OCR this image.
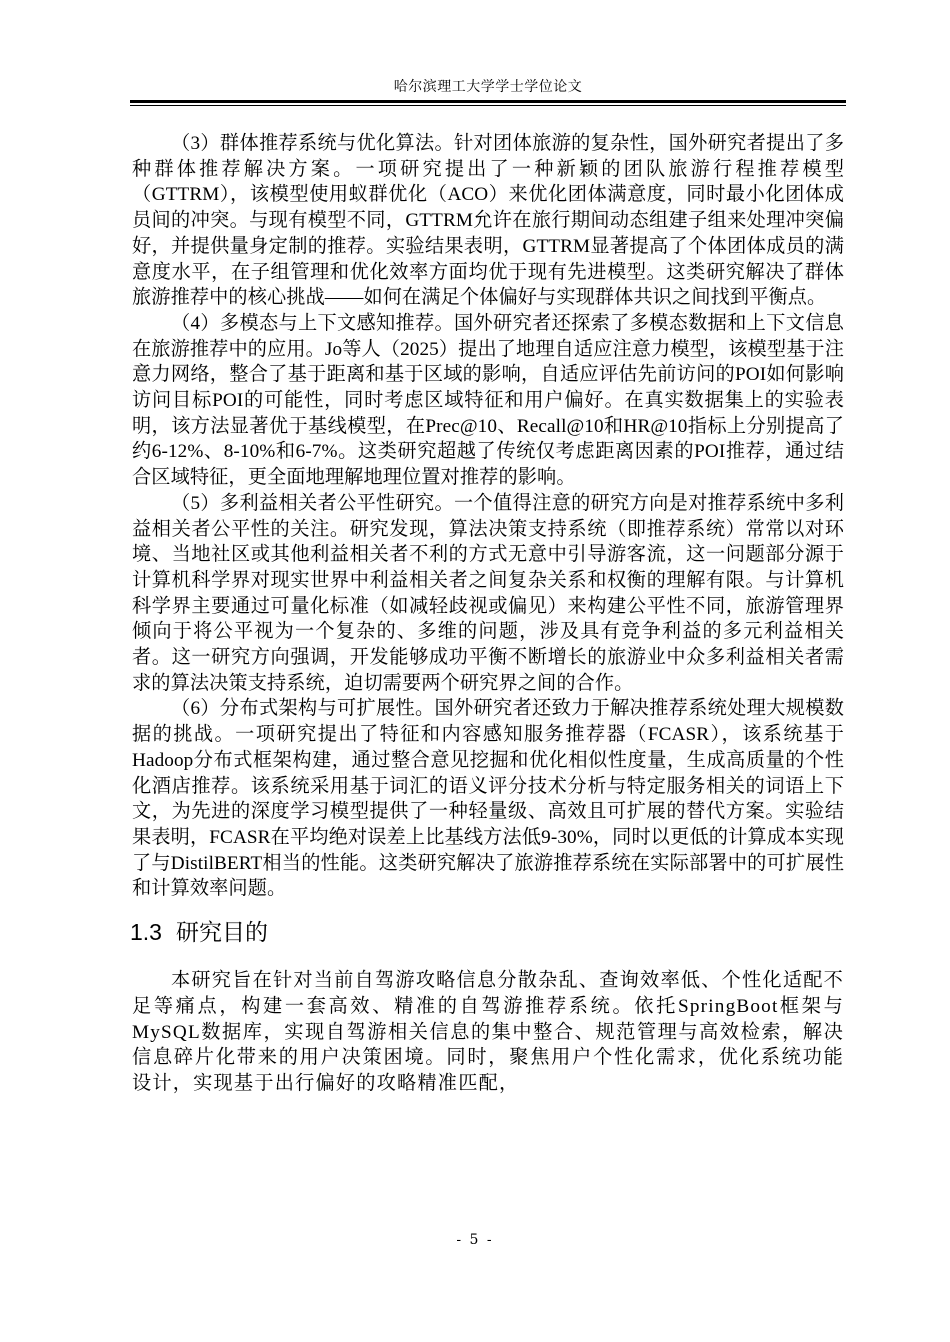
哈尔滨理工大学学士学位论文

（3）群体推荐系统与优化算法。针对团体旅游的复杂性，国外研究者提出了多种群体推荐解决方案。一项研究提出了一种新颖的团队旅游行程推荐模型（GTTRM），该模型使用蚁群优化（ACO）来优化团体满意度，同时最小化团体成员间的冲突。与现有模型不同，GTTRM允许在旅行期间动态组建子组来处理冲突偏好，并提供量身定制的推荐。实验结果表明，GTTRM显著提高了个体团体成员的满意度水平，在子组管理和优化效率方面均优于现有先进模型。这类研究解决了群体旅游推荐中的核心挑战——如何在满足个体偏好与实现群体共识之间找到平衡点。

（4）多模态与上下文感知推荐。国外研究者还探索了多模态数据和上下文信息在旅游推荐中的应用。Jo等人（2025）提出了地理自适应注意力模型，该模型基于注意力网络，整合了基于距离和基于区域的影响，自适应评估先前访问的POI如何影响访问目标POI的可能性，同时考虑区域特征和用户偏好。在真实数据集上的实验表明，该方法显著优于基线模型，在Prec@10、Recall@10和HR@10指标上分别提高了约6-12%、8-10%和6-7%。这类研究超越了传统仅考虑距离因素的POI推荐，通过结合区域特征，更全面地理解地理位置对推荐的影响。

（5）多利益相关者公平性研究。一个值得注意的研究方向是对推荐系统中多利益相关者公平性的关注。研究发现，算法决策支持系统（即推荐系统）常常以对环境、当地社区或其他利益相关者不利的方式无意中引导游客流，这一问题部分源于计算机科学界对现实世界中利益相关者之间复杂关系和权衡的理解有限。与计算机科学界主要通过可量化标准（如减轻歧视或偏见）来构建公平性不同，旅游管理界倾向于将公平视为一个复杂的、多维的问题，涉及具有竞争利益的多元利益相关者。这一研究方向强调，开发能够成功平衡不断增长的旅游业中众多利益相关者需求的算法决策支持系统，迫切需要两个研究界之间的合作。

（6）分布式架构与可扩展性。国外研究者还致力于解决推荐系统处理大规模数据的挑战。一项研究提出了特征和内容感知服务推荐器（FCASR），该系统基于Hadoop分布式框架构建，通过整合意见挖掘和优化相似性度量，生成高质量的个性化酒店推荐。该系统采用基于词汇的语义评分技术分析与特定服务相关的词语上下文，为先进的深度学习模型提供了一种轻量级、高效且可扩展的替代方案。实验结果表明，FCASR在平均绝对误差上比基线方法低9-30%，同时以更低的计算成本实现了与DistilBERT相当的性能。这类研究解决了旅游推荐系统在实际部署中的可扩展性和计算效率问题。

1.3 研究目的

本研究旨在针对当前自驾游攻略信息分散杂乱、查询效率低、个性化适配不足等痛点，构建一套高效、精准的自驾游推荐系统。依托SpringBoot框架与MySQL数据库，实现自驾游相关信息的集中整合、规范管理与高效检索，解决信息碎片化带来的用户决策困境。同时，聚焦用户个性化需求，优化系统功能设计，实现基于出行偏好的攻略精准匹配，

- 5 -
